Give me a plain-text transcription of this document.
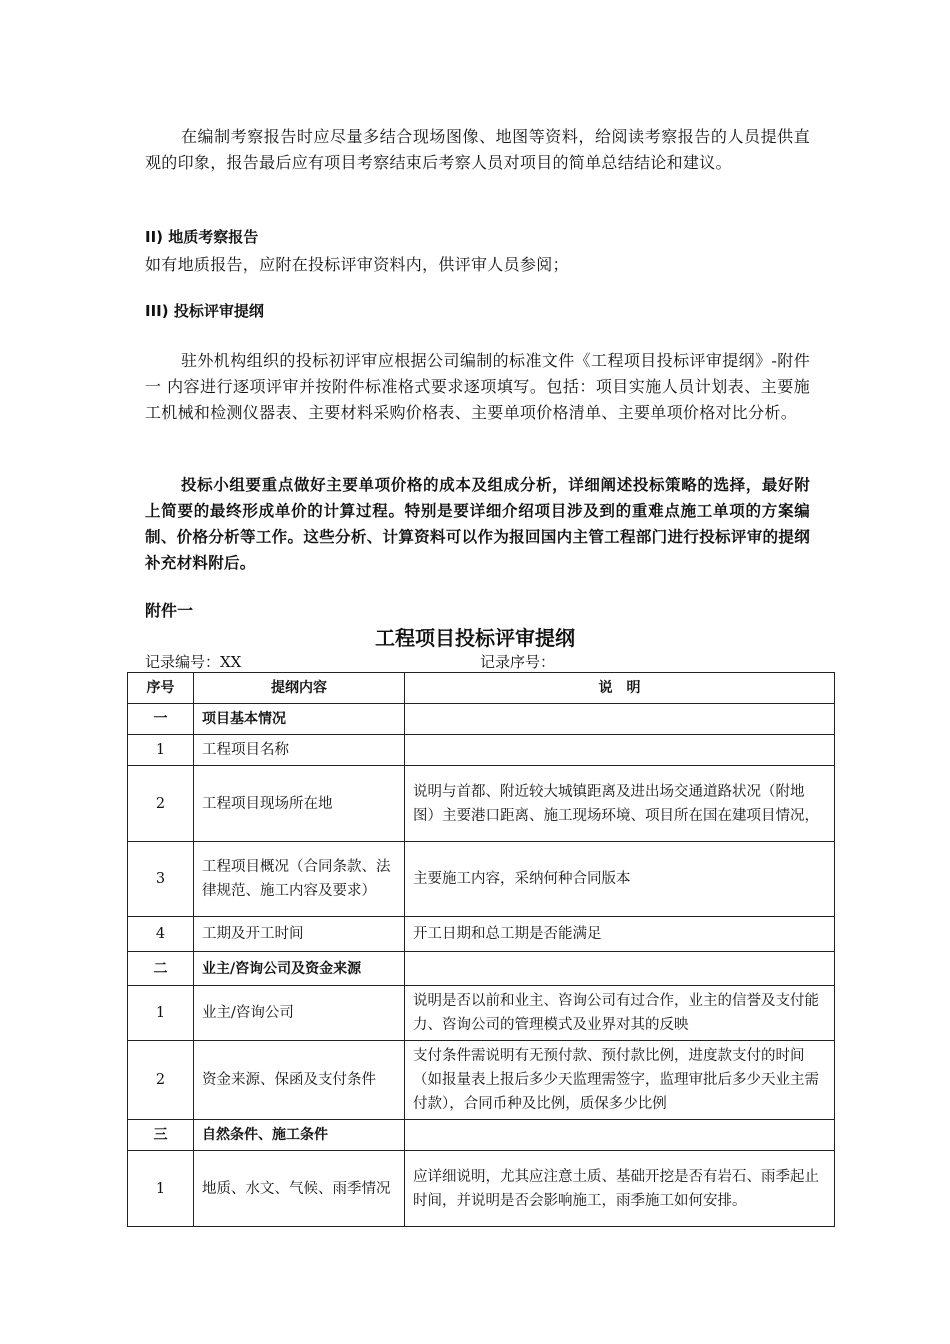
在编制考察报告时应尽量多结合现场图像、地图等资料，给阅读考察报告的人员提供直观的印象，报告最后应有项目考察结束后考察人员对项目的简单总结结论和建议。

II) 地质考察报告

如有地质报告，应附在投标评审资料内，供评审人员参阅；

III) 投标评审提纲

驻外机构组织的投标初评审应根据公司编制的标准文件《工程项目投标评审提纲》-附件一 内容进行逐项评审并按附件标准格式要求逐项填写。包括：项目实施人员计划表、主要施工机械和检测仪器表、主要材料采购价格表、主要单项价格清单、主要单项价格对比分析。

投标小组要重点做好主要单项价格的成本及组成分析，详细阐述投标策略的选择，最好附上简要的最终形成单价的计算过程。特别是要详细介绍项目涉及到的重难点施工单项的方案编制、价格分析等工作。这些分析、计算资料可以作为报回国内主管工程部门进行投标评审的提纲补充材料附后。

附件一

工程项目投标评审提纲

记录编号：XX	记录序号：

序号	提纲内容	说　明
一	项目基本情况	
1	工程项目名称	
2	工程项目现场所在地	说明与首都、附近较大城镇距离及进出场交通道路状况（附地图）主要港口距离、施工现场环境、项目所在国在建项目情况，
3	工程项目概况（合同条款、法律规范、施工内容及要求）	主要施工内容，采纳何种合同版本
4	工期及开工时间	开工日期和总工期是否能满足
二	业主/咨询公司及资金来源	
1	业主/咨询公司	说明是否以前和业主、咨询公司有过合作，业主的信誉及支付能力、咨询公司的管理模式及业界对其的反映
2	资金来源、保函及支付条件	支付条件需说明有无预付款、预付款比例，进度款支付的时间（如报量表上报后多少天监理需签字，监理审批后多少天业主需付款），合同币种及比例，质保多少比例
三	自然条件、施工条件	
1	地质、水文、气候、雨季情况	应详细说明，尤其应注意土质、基础开挖是否有岩石、雨季起止时间，并说明是否会影响施工，雨季施工如何安排。
